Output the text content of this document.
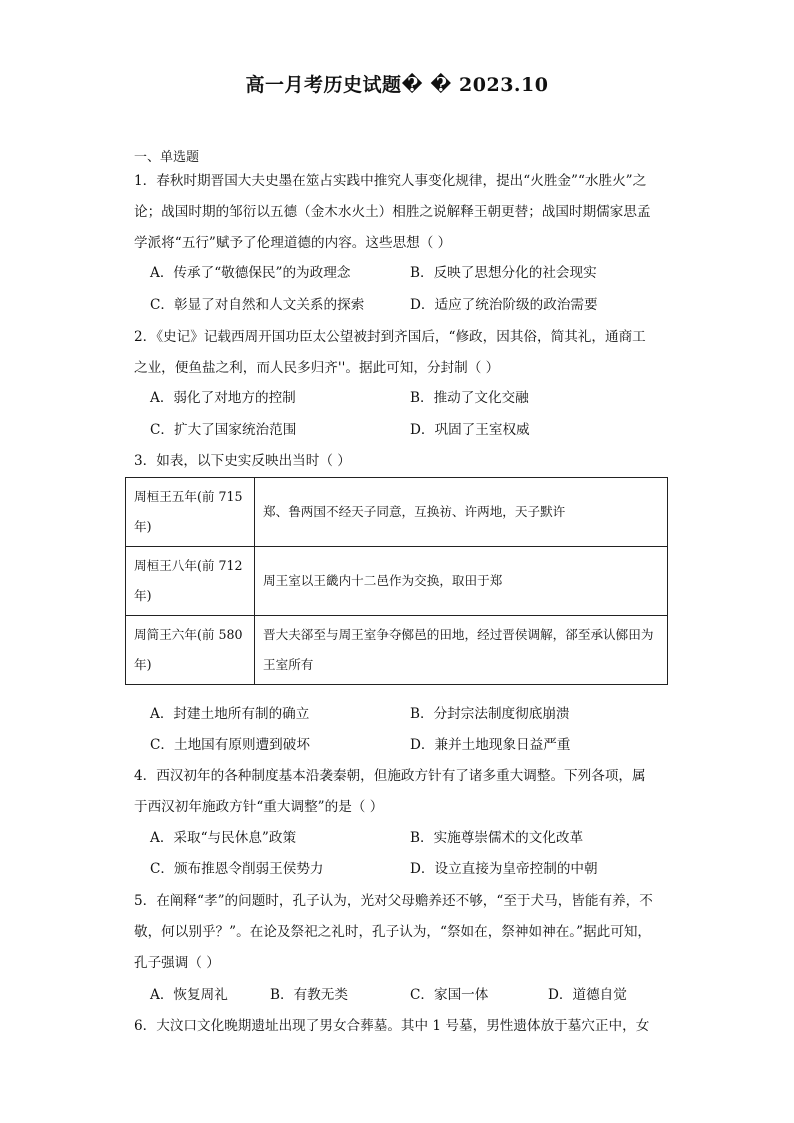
高一月考历史试题� � 2023.10
一、单选题
1．春秋时期晋国大夫史墨在筮占实践中推究人事变化规律，提出“火胜金”“水胜火”之
论；战国时期的邹衍以五德（金木水火土）相胜之说解释王朝更替；战国时期儒家思孟
学派将“五行”赋予了伦理道德的内容。这些思想（ ）
A．传承了“敬德保民”的为政理念	B．反映了思想分化的社会现实
C．彰显了对自然和人文关系的探索	D．适应了统治阶级的政治需要
2．《史记》记载西周开国功臣太公望被封到齐国后，“修政，因其俗，简其礼，通商工
之业，便鱼盐之利，而人民多归齐''。据此可知，分封制（ ）
A．弱化了对地方的控制	B．推动了文化交融
C．扩大了国家统治范围	D．巩固了王室权威
3．如表，以下史实反映出当时（ ）
周桓王五年(前 715 年)	郑、鲁两国不经天子同意，互换祊、许两地，天子默许
周桓王八年(前 712 年)	周王室以王畿内十二邑作为交换，取田于郑
周简王六年(前 580 年)	晋大夫郤至与周王室争夺鄇邑的田地，经过晋侯调解，郤至承认鄇田为王室所有
A．封建土地所有制的确立	B．分封宗法制度彻底崩溃
C．土地国有原则遭到破坏	D．兼并土地现象日益严重
4．西汉初年的各种制度基本沿袭秦朝，但施政方针有了诸多重大调整。下列各项，属
于西汉初年施政方针“重大调整”的是（ ）
A．采取“与民休息”政策	B．实施尊崇儒术的文化改革
C．颁布推恩令削弱王侯势力	D．设立直接为皇帝控制的中朝
5．在阐释“孝”的问题时，孔子认为，光对父母赡养还不够，“至于犬马，皆能有养，不
敬，何以别乎？”。在论及祭祀之礼时，孔子认为，“祭如在，祭神如神在。”据此可知，
孔子强调（ ）
A．恢复周礼	B．有教无类	C．家国一体	D．道德自觉
6．大汶口文化晚期遗址出现了男女合葬墓。其中 1 号墓，男性遗体放于墓穴正中，女
